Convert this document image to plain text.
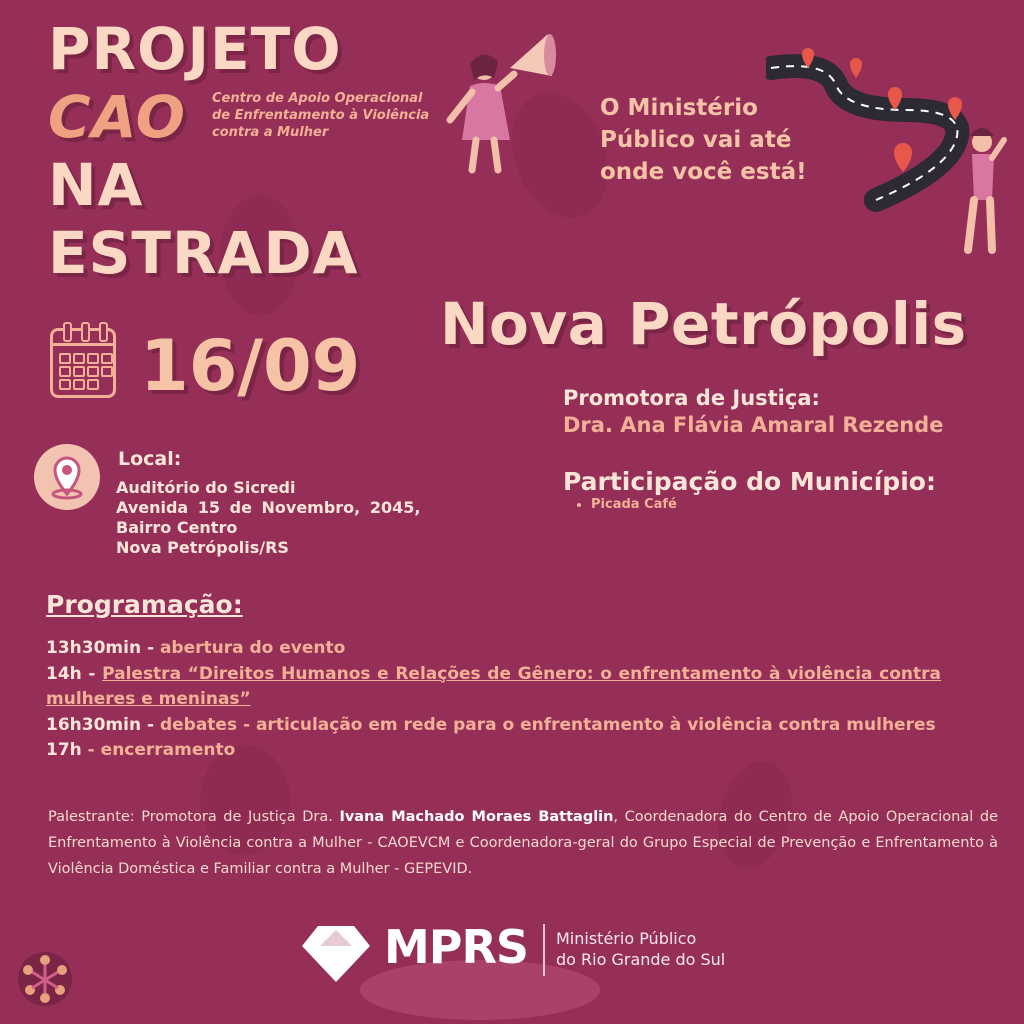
PROJETO
CAO
NA
ESTRADA
Centro de Apoio Operacional de Enfrentamento à Violência contra a Mulher
O Ministério Público vai até onde você está!
Nova Petrópolis
16/09	Promotora de Justiça:
Dra. Ana Flávia Amaral Rezende
Participação do Município:
• Picada Café
Local:
Auditório do Sicredi
Avenida 15 de Novembro, 2045,
Bairro Centro
Nova Petrópolis/RS
Programação:
13h30min - abertura do evento
14h - Palestra “Direitos Humanos e Relações de Gênero: o enfrentamento à violência contra mulheres e meninas”
16h30min - debates - articulação em rede para o enfrentamento à violência contra mulheres
17h - encerramento
Palestrante: Promotora de Justiça Dra. Ivana Machado Moraes Battaglin, Coordenadora do Centro de Apoio Operacional de Enfrentamento à Violência contra a Mulher - CAOEVCM e Coordenadora-geral do Grupo Especial de Prevenção e Enfrentamento à Violência Doméstica e Familiar contra a Mulher - GEPEVID.
MPRS Ministério Público
do Rio Grande do Sul
